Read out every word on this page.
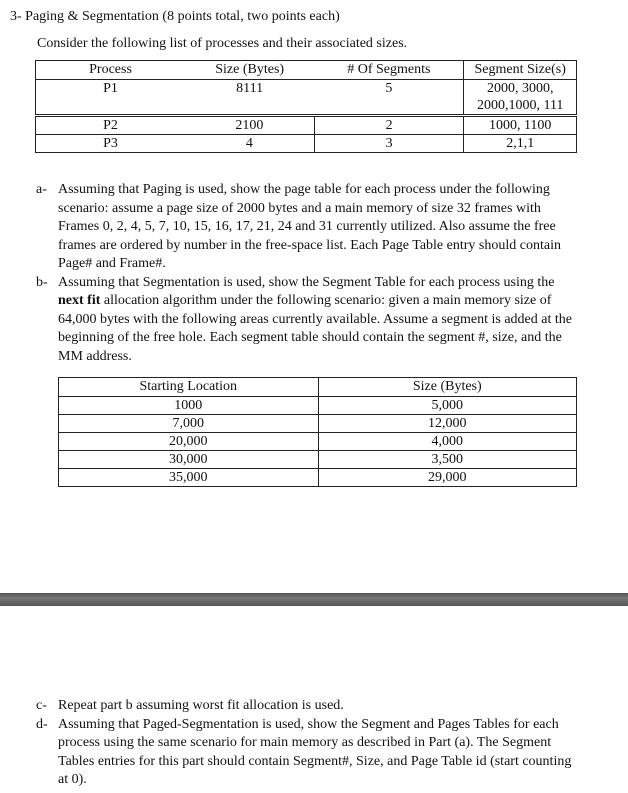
3- Paging & Segmentation (8 points total, two points each)
Consider the following list of processes and their associated sizes.
Process	Size (Bytes)	# Of Segments	Segment Size(s)
P1	8111	5	2000, 3000,
2000,1000, 111

P2	2100	2	1000, 1100
P3	4	3	2,1,1
a- Assuming that Paging is used, show the page table for each process under the following scenario: assume a page size of 2000 bytes and a main memory of size 32 frames with Frames 0, 2, 4, 5, 7, 10, 15, 16, 17, 21, 24 and 31 currently utilized. Also assume the free frames are ordered by number in the free-space list. Each Page Table entry should contain Page# and Frame#.

b- Assuming that Segmentation is used, show the Segment Table for each process using the next fit allocation algorithm under the following scenario: given a main memory size of 64,000 bytes with the following areas currently available. Assume a segment is added at the beginning of the free hole. Each segment table should contain the segment #, size, and the MM address.

Starting Location	Size (Bytes)
1000	5,000
7,000	12,000
20,000	4,000
30,000	3,500
35,000	29,000
c- Repeat part b assuming worst fit allocation is used.

d- Assuming that Paged-Segmentation is used, show the Segment and Pages Tables for each process using the same scenario for main memory as described in Part (a). The Segment Tables entries for this part should contain Segment#, Size, and Page Table id (start counting at 0).
